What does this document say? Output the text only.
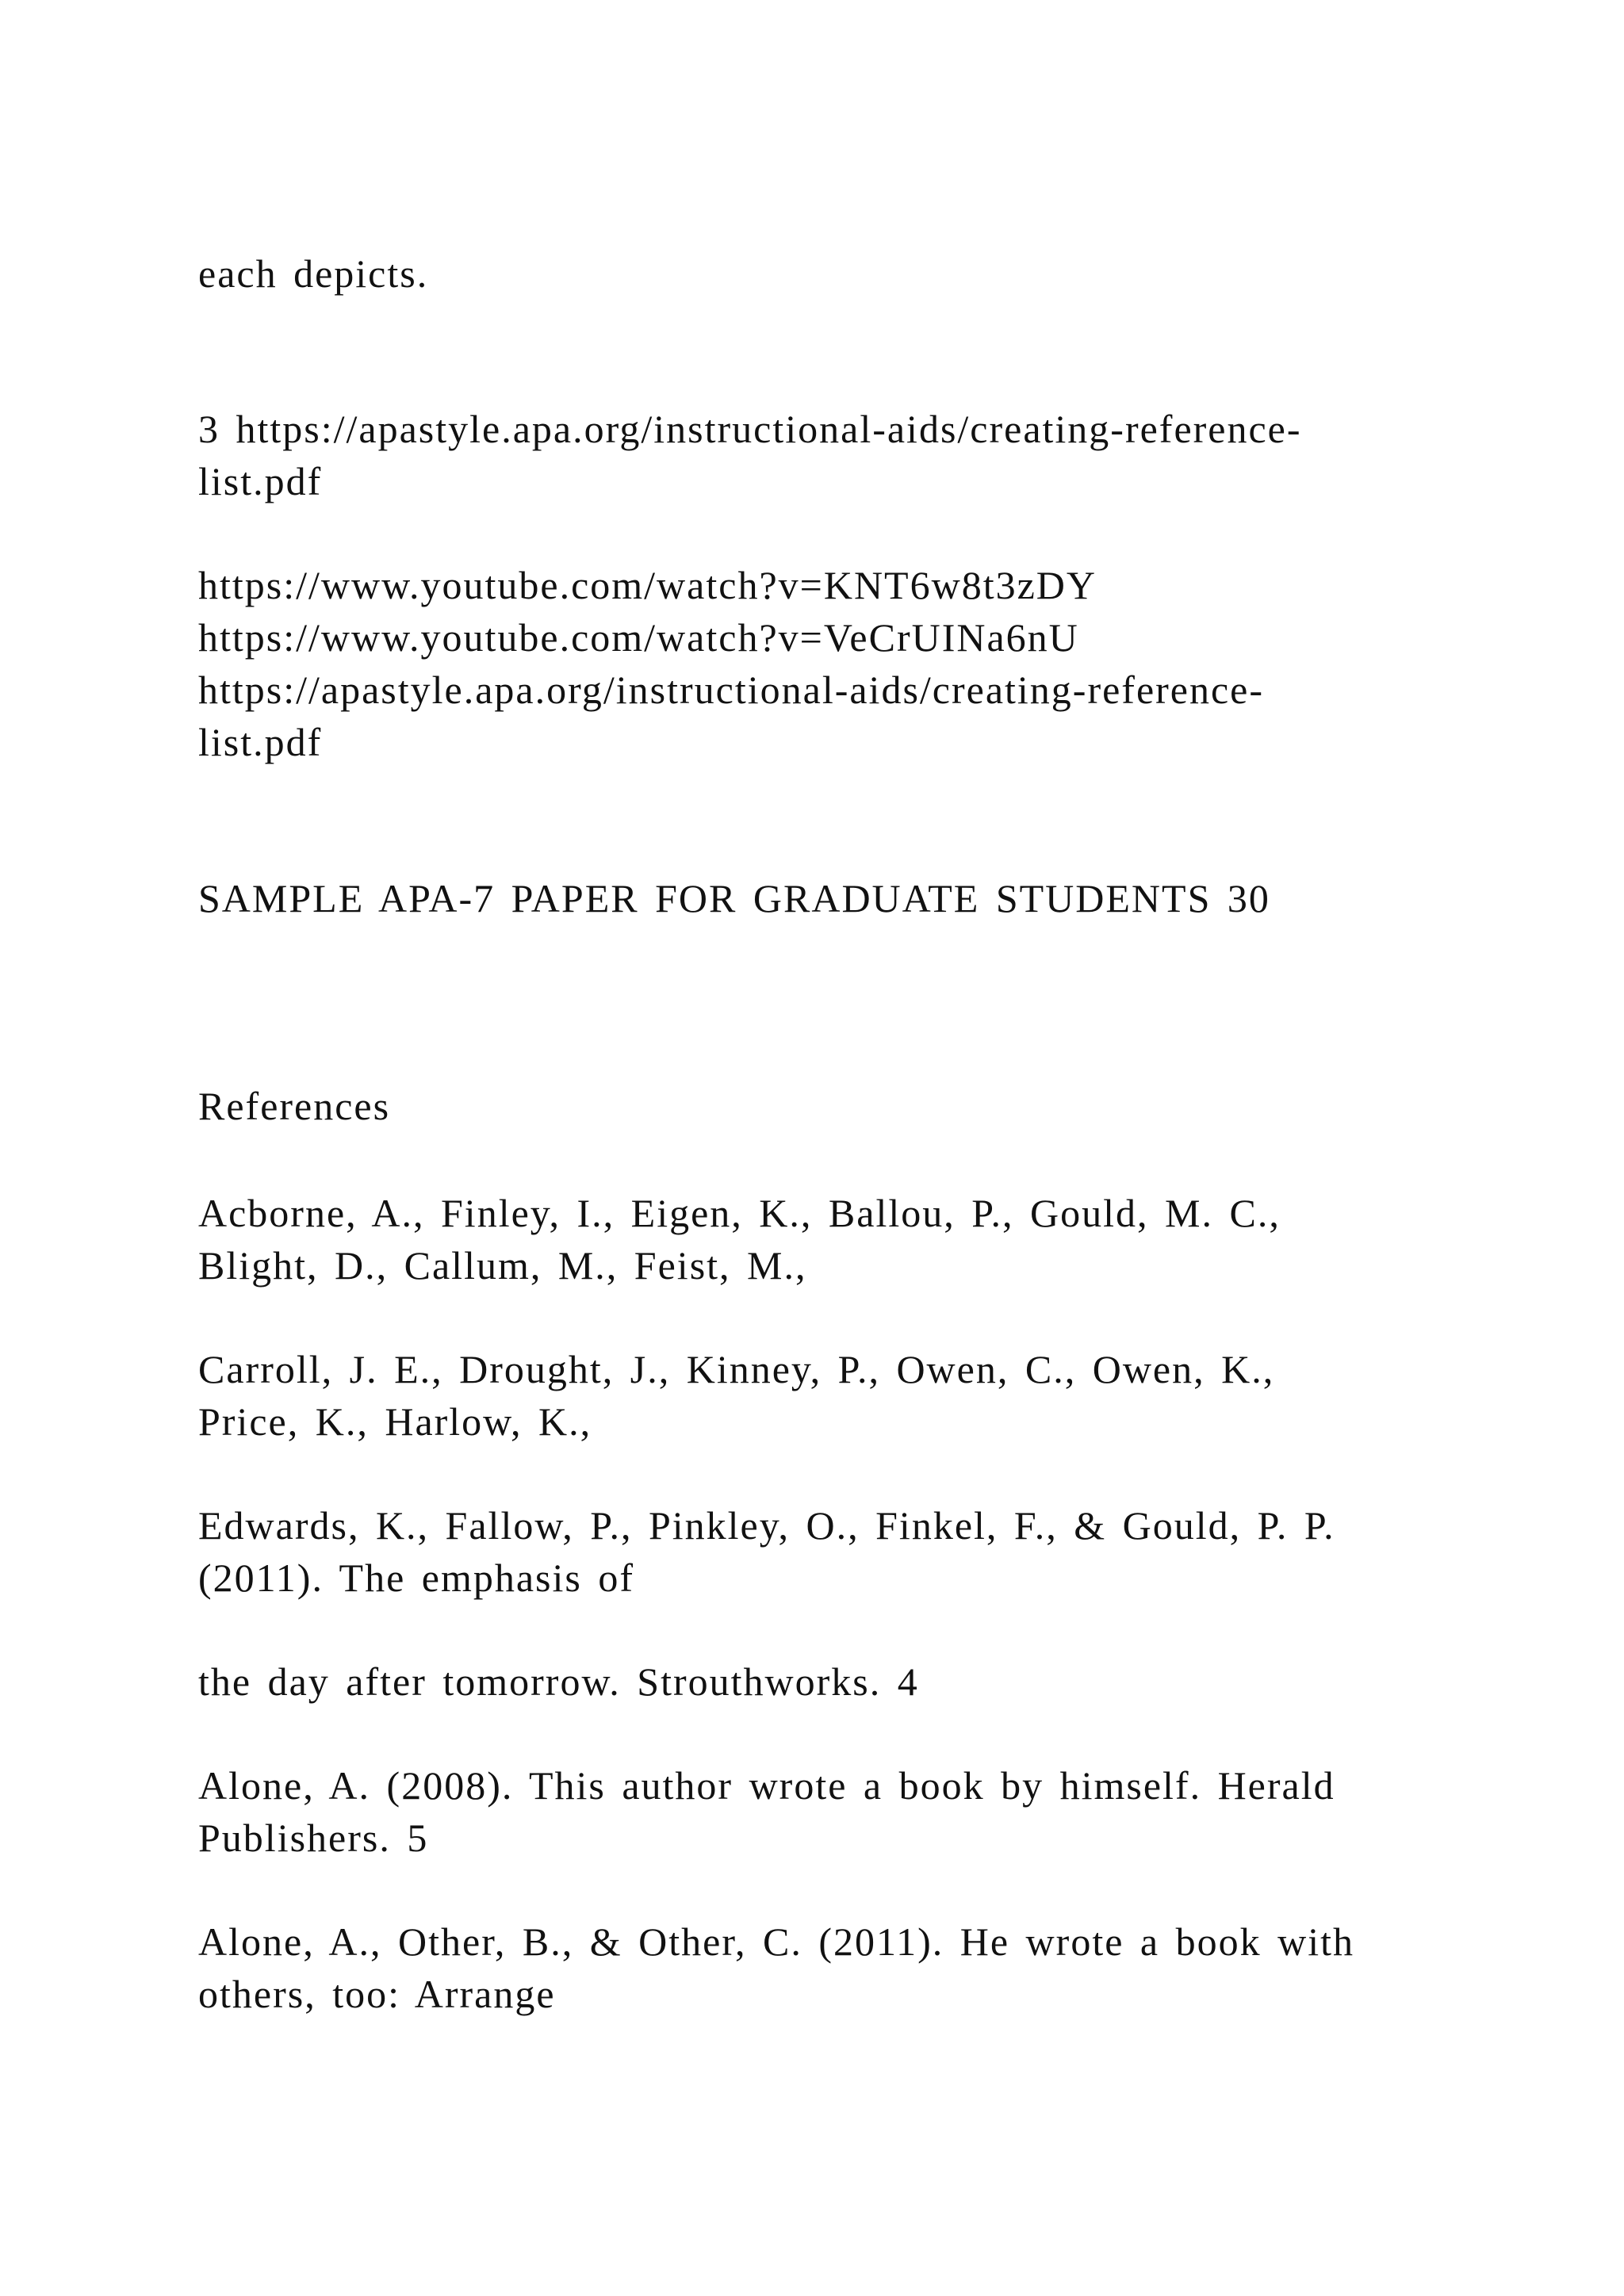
each depicts.

3 https://apastyle.apa.org/instructional-aids/creating-reference-

list.pdf

https://www.youtube.com/watch?v=KNT6w8t3zDY

https://www.youtube.com/watch?v=VeCrUINa6nU

https://apastyle.apa.org/instructional-aids/creating-reference-

list.pdf

SAMPLE APA-7 PAPER FOR GRADUATE STUDENTS 30

References

Acborne, A., Finley, I., Eigen, K., Ballou, P., Gould, M. C.,

Blight, D., Callum, M., Feist, M.,

Carroll, J. E., Drought, J., Kinney, P., Owen, C., Owen, K.,

Price, K., Harlow, K.,

Edwards, K., Fallow, P., Pinkley, O., Finkel, F., & Gould, P. P.

(2011). The emphasis of

the day after tomorrow. Strouthworks. 4

Alone, A. (2008). This author wrote a book by himself. Herald

Publishers. 5

Alone, A., Other, B., & Other, C. (2011). He wrote a book with

others, too: Arrange
